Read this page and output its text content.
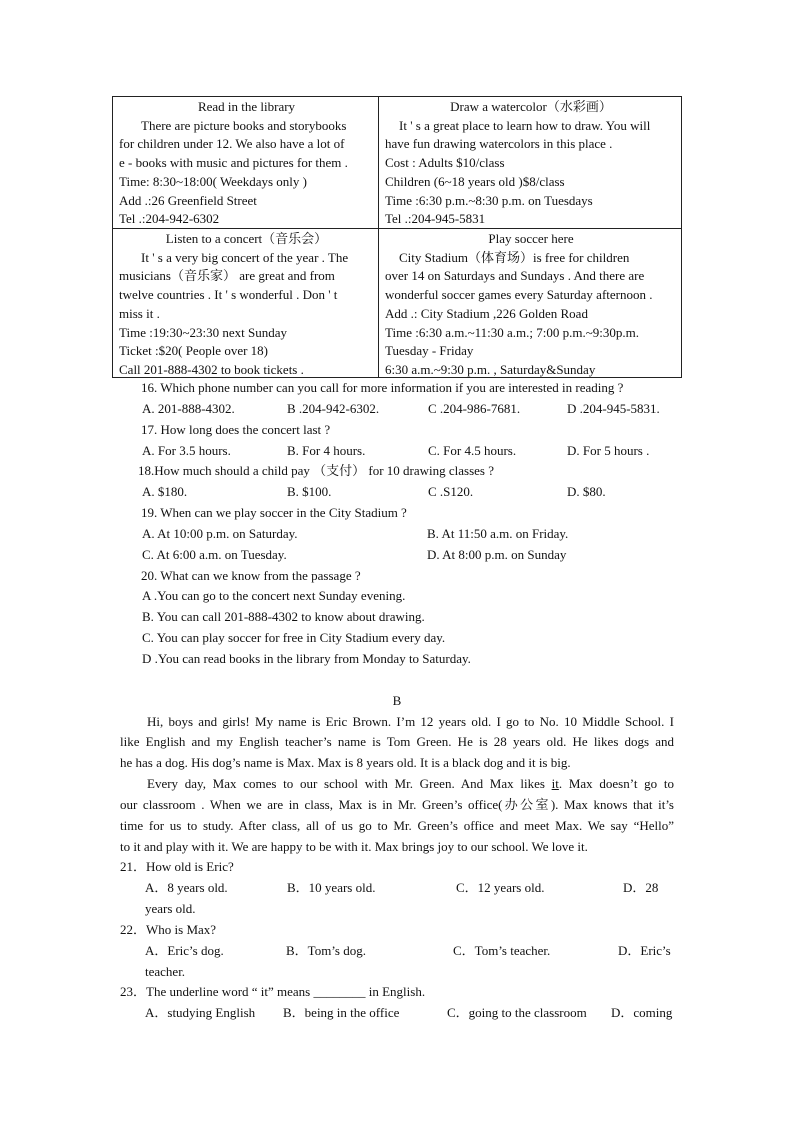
Read in the library
There are picture books and storybooks
for children under 12. We also have a lot of
e - books with music and pictures for them .
Time: 8:30~18:00( Weekdays only )
Add .:26 Greenfield Street
Tel .:204-942-6302
Draw a watercolor（水彩画）
It ' s a great place to learn how to draw. You will
have fun drawing watercolors in this place .
Cost : Adults $10/class
Children (6~18 years old )$8/class
Time :6:30 p.m.~8:30 p.m. on Tuesdays
Tel .:204-945-5831
Listen to a concert（音乐会）
It ' s a very big concert of the year . The
musicians（音乐家） are great and from
twelve countries . It ' s wonderful . Don ' t
miss it .
Time :19:30~23:30 next Sunday
Ticket :$20( People over 18)
Call 201-888-4302 to book tickets .
Play soccer here
City Stadium（体育场）is free for children
over 14 on Saturdays and Sundays . And there are
wonderful soccer games every Saturday afternoon .
Add .: City Stadium ,226 Golden Road
Time :6:30 a.m.~11:30 a.m.; 7:00 p.m.~9:30p.m.
Tuesday - Friday
6:30 a.m.~9:30 p.m. , Saturday&Sunday
16. Which phone number can you call for more information if you are interested in reading ?
A. 201-888-4302.	B .204-942-6302.	C .204-986-7681.	D .204-945-5831.
17. How long does the concert last ?
A. For 3.5 hours.	B. For 4 hours.	C. For 4.5 hours.	D. For 5 hours .
18.How much should a child pay （支付） for 10 drawing classes ?
A. $180.	B. $100.	C .S120.	D. $80.
19. When can we play soccer in the City Stadium ?
A. At 10:00 p.m. on Saturday.	B. At 11:50 a.m. on Friday.
C. At 6:00 a.m. on Tuesday.	D. At 8:00 p.m. on Sunday
20. What can we know from the passage ?
A .You can go to the concert next Sunday evening.
B. You can call 201-888-4302 to know about drawing.
C. You can play soccer for free in City Stadium every day.
D .You can read books in the library from Monday to Saturday.
B
Hi, boys and girls! My name is Eric Brown. I’m 12 years old. I go to No. 10 Middle School. I
like English and my English teacher’s name is Tom Green. He is 28 years old. He likes dogs and
he has a dog. His dog’s name is Max. Max is 8 years old. It is a black dog and it is big.
Every day, Max comes to our school with Mr. Green. And Max likes it. Max doesn’t go to
our classroom . When we are in class, Max is in Mr. Green’s office(办公室). Max knows that it’s
time for us to study. After class, all of us go to Mr. Green’s office and meet Max. We say “Hello”
to it and play with it. We are happy to be with it. Max brings joy to our school. We love it.
21．How old is Eric?
A．8 years old.	B．10 years old.	C．12 years old.	D．28
years old.
22．Who is Max?
A．Eric’s dog.	B．Tom’s dog.	C．Tom’s teacher.	D．Eric’s
teacher.
23．The underline word “ it” means ________ in English.
A．studying English B．being in the office	C．going to the classroom D．coming
